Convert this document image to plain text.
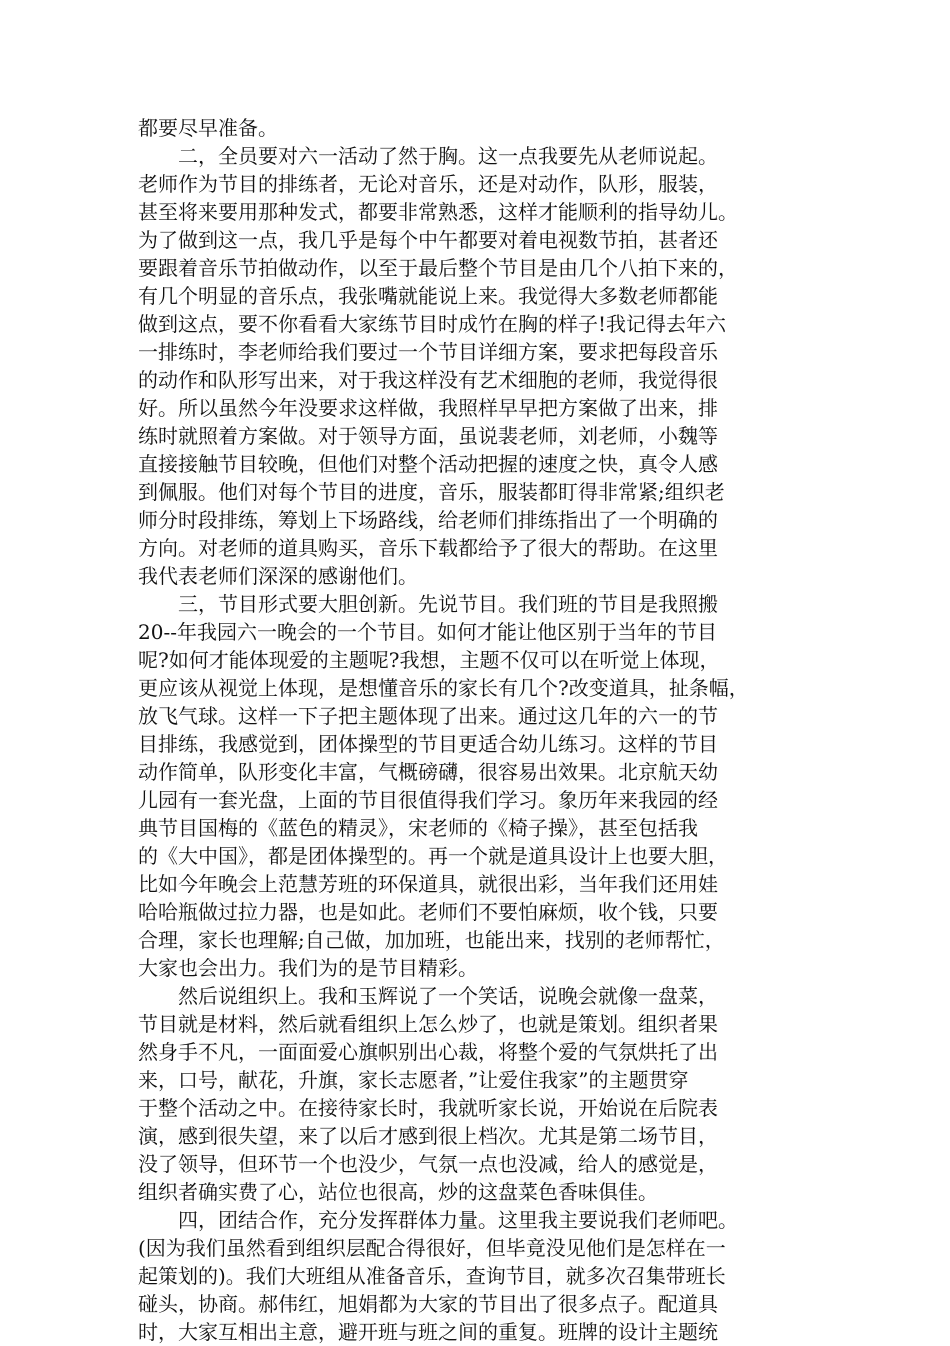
都要尽早准备。
　　二，全员要对六一活动了然于胸。这一点我要先从老师说起。
老师作为节目的排练者，无论对音乐，还是对动作，队形，服装，
甚至将来要用那种发式，都要非常熟悉，这样才能顺利的指导幼儿。
为了做到这一点，我几乎是每个中午都要对着电视数节拍，甚者还
要跟着音乐节拍做动作，以至于最后整个节目是由几个八拍下来的，
有几个明显的音乐点，我张嘴就能说上来。我觉得大多数老师都能
做到这点，要不你看看大家练节目时成竹在胸的样子!我记得去年六
一排练时，李老师给我们要过一个节目详细方案，要求把每段音乐
的动作和队形写出来，对于我这样没有艺术细胞的老师，我觉得很
好。所以虽然今年没要求这样做，我照样早早把方案做了出来，排
练时就照着方案做。对于领导方面，虽说裴老师，刘老师，小魏等
直接接触节目较晚，但他们对整个活动把握的速度之快，真令人感
到佩服。他们对每个节目的进度，音乐，服装都盯得非常紧;组织老
师分时段排练，筹划上下场路线，给老师们排练指出了一个明确的
方向。对老师的道具购买，音乐下载都给予了很大的帮助。在这里
我代表老师们深深的感谢他们。
　　三，节目形式要大胆创新。先说节目。我们班的节目是我照搬
20--年我园六一晚会的一个节目。如何才能让他区别于当年的节目
呢?如何才能体现爱的主题呢?我想，主题不仅可以在听觉上体现，
更应该从视觉上体现，是想懂音乐的家长有几个?改变道具，扯条幅，
放飞气球。这样一下子把主题体现了出来。通过这几年的六一的节
目排练，我感觉到，团体操型的节目更适合幼儿练习。这样的节目
动作简单，队形变化丰富，气概磅礴，很容易出效果。北京航天幼
儿园有一套光盘，上面的节目很值得我们学习。象历年来我园的经
典节目国梅的《蓝色的精灵》，宋老师的《椅子操》，甚至包括我
的《大中国》，都是团体操型的。再一个就是道具设计上也要大胆，
比如今年晚会上范慧芳班的环保道具，就很出彩，当年我们还用娃
哈哈瓶做过拉力器，也是如此。老师们不要怕麻烦，收个钱，只要
合理，家长也理解;自己做，加加班，也能出来，找别的老师帮忙，
大家也会出力。我们为的是节目精彩。
　　然后说组织上。我和玉辉说了一个笑话，说晚会就像一盘菜，
节目就是材料，然后就看组织上怎么炒了，也就是策划。组织者果
然身手不凡，一面面爱心旗帜别出心裁，将整个爱的气氛烘托了出
来，口号，献花，升旗，家长志愿者，”让爱住我家”的主题贯穿
于整个活动之中。在接待家长时，我就听家长说，开始说在后院表
演，感到很失望，来了以后才感到很上档次。尤其是第二场节目，
没了领导，但环节一个也没少，气氛一点也没减，给人的感觉是，
组织者确实费了心，站位也很高，炒的这盘菜色香味俱佳。
　　四，团结合作，充分发挥群体力量。这里我主要说我们老师吧。
(因为我们虽然看到组织层配合得很好，但毕竟没见他们是怎样在一
起策划的)。我们大班组从准备音乐，查询节目，就多次召集带班长
碰头，协商。郝伟红，旭娟都为大家的节目出了很多点子。配道具
时，大家互相出主意，避开班与班之间的重复。班牌的设计主题统
